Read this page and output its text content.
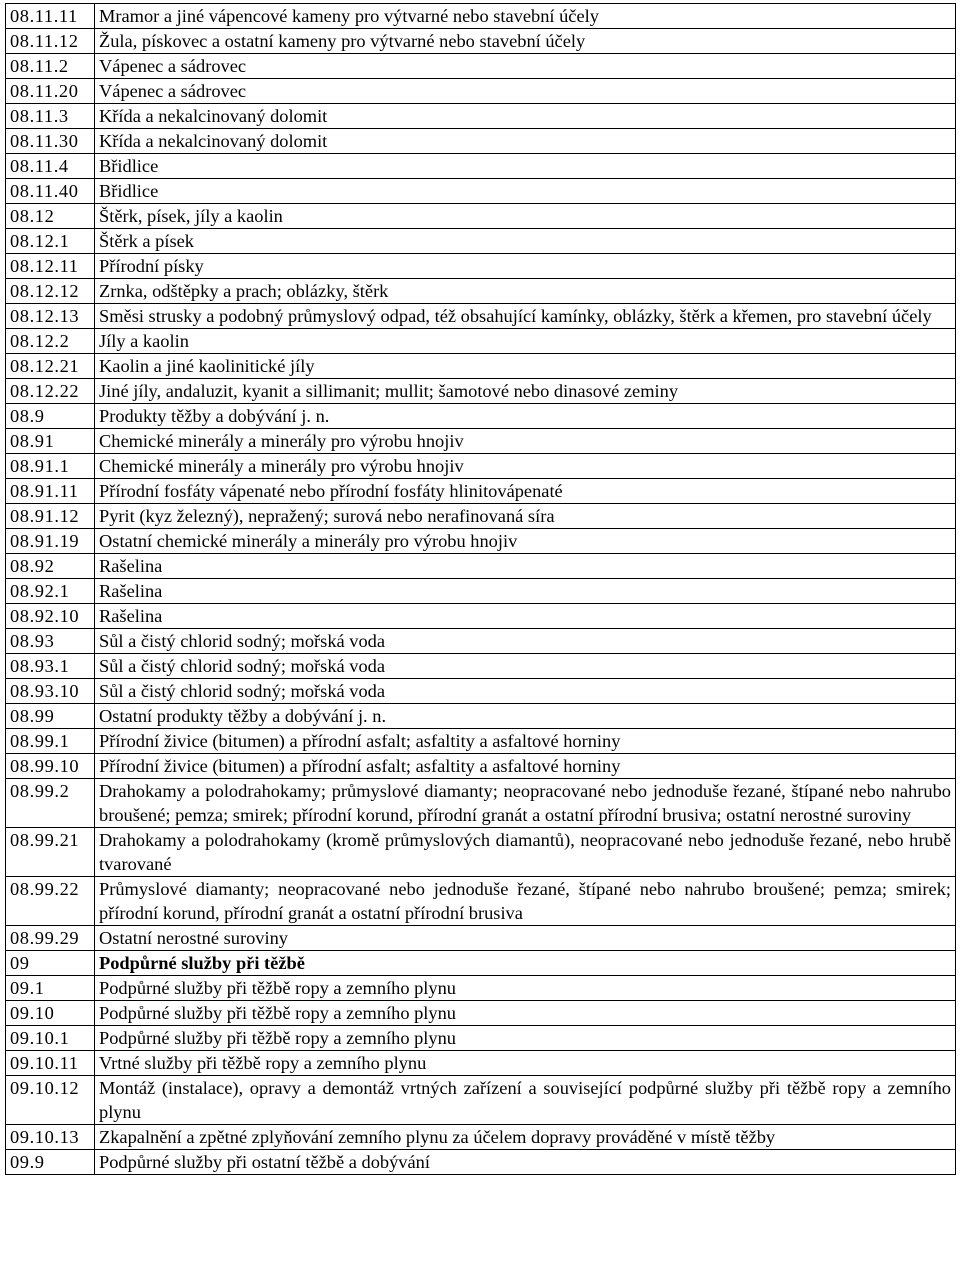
08.11.11	Mramor a jiné vápencové kameny pro výtvarné nebo stavební účely
08.11.12	Žula, pískovec a ostatní kameny pro výtvarné nebo stavební účely
08.11.2	Vápenec a sádrovec
08.11.20	Vápenec a sádrovec
08.11.3	Křída a nekalcinovaný dolomit
08.11.30	Křída a nekalcinovaný dolomit
08.11.4	Břidlice
08.11.40	Břidlice
08.12	Štěrk, písek, jíly a kaolin
08.12.1	Štěrk a písek
08.12.11	Přírodní písky
08.12.12	Zrnka, odštěpky a prach; oblázky, štěrk
08.12.13	Směsi strusky a podobný průmyslový odpad, též obsahující kamínky, oblázky, štěrk a křemen, pro stavební účely
08.12.2	Jíly a kaolin
08.12.21	Kaolin a jiné kaolinitické jíly
08.12.22	Jiné jíly, andaluzit, kyanit a sillimanit; mullit; šamotové nebo dinasové zeminy
08.9	Produkty těžby a dobývání j. n.
08.91	Chemické minerály a minerály pro výrobu hnojiv
08.91.1	Chemické minerály a minerály pro výrobu hnojiv
08.91.11	Přírodní fosfáty vápenaté nebo přírodní fosfáty hlinitovápenaté
08.91.12	Pyrit (kyz železný), nepražený; surová nebo nerafinovaná síra
08.91.19	Ostatní chemické minerály a minerály pro výrobu hnojiv
08.92	Rašelina
08.92.1	Rašelina
08.92.10	Rašelina
08.93	Sůl a čistý chlorid sodný; mořská voda
08.93.1	Sůl a čistý chlorid sodný; mořská voda
08.93.10	Sůl a čistý chlorid sodný; mořská voda
08.99	Ostatní produkty těžby a dobývání j. n.
08.99.1	Přírodní živice (bitumen) a přírodní asfalt; asfaltity a asfaltové horniny
08.99.10	Přírodní živice (bitumen) a přírodní asfalt; asfaltity a asfaltové horniny
08.99.2	Drahokamy a polodrahokamy; průmyslové diamanty; neopracované nebo jednoduše řezané, štípané nebo nahrubo broušené; pemza; smirek; přírodní korund, přírodní granát a ostatní přírodní brusiva; ostatní nerostné suroviny
08.99.21	Drahokamy a polodrahokamy (kromě průmyslových diamantů), neopracované nebo jednoduše řezané, nebo hrubě tvarované
08.99.22	Průmyslové diamanty; neopracované nebo jednoduše řezané, štípané nebo nahrubo broušené; pemza; smirek; přírodní korund, přírodní granát a ostatní přírodní brusiva
08.99.29	Ostatní nerostné suroviny
09	Podpůrné služby při těžbě
09.1	Podpůrné služby při těžbě ropy a zemního plynu
09.10	Podpůrné služby při těžbě ropy a zemního plynu
09.10.1	Podpůrné služby při těžbě ropy a zemního plynu
09.10.11	Vrtné služby při těžbě ropy a zemního plynu
09.10.12	Montáž (instalace), opravy a demontáž vrtných zařízení a související podpůrné služby při těžbě ropy a zemního plynu
09.10.13	Zkapalnění a zpětné zplyňování zemního plynu za účelem dopravy prováděné v místě těžby
09.9	Podpůrné služby při ostatní těžbě a dobývání
